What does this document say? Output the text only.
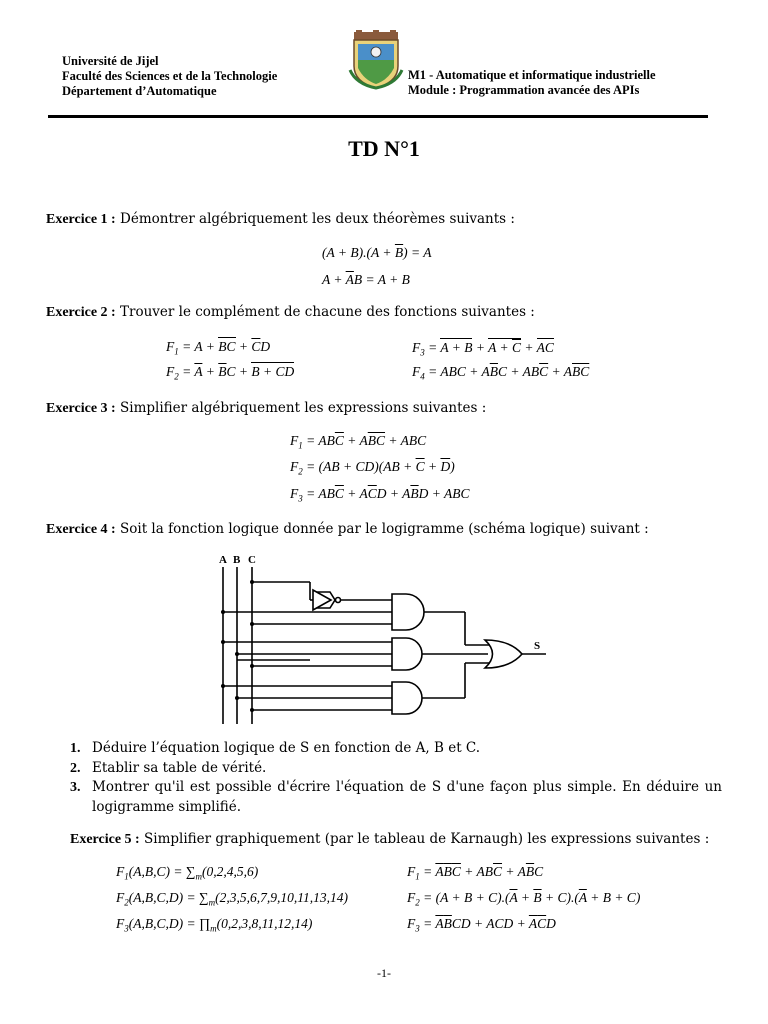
Université de Jijel
Faculté des Sciences et de la Technologie
Département d’Automatique
M1 - Automatique et informatique industrielle
Module : Programmation avancée des APIs
TD N°1
Exercice 1 : Démontrer algébriquement les deux théorèmes suivants :
$(A + B).(A + \overline{B}) = A$
$A + \overline{A}B = A + B$
Exercice 2 : Trouver le complément de chacune des fonctions suivantes :
$F_1 = A$ + BC + $\overline{C}D$
$F_2 = \overline{A} + \overline{B}C + B$ + CD
$F_3 = A + B + A + \overline{C}$ + AC
$F_4$ = ABC + $A\overline{B}C + AB\overline{C} + A\overline{BC}$
Exercice 3 : Simplifier algébriquement les expressions suivantes :
$F_1 = AB\overline{C} + A\overline{BC}$ + ABC
$F_2 = (AB + CD)(AB + \overline{C} + \overline{D})$
$F_3 = AB\overline{C} + A\overline{C}D + A\overline{B}D$ + ABC
Exercice 4 : Soit la fonction logique donnée par le logigramme (schéma logique) suivant :
A B C
S
1. Déduire l’équation logique de S en fonction de A, B et C.
2. Etablir sa table de vérité.
3. Montrer qu'il est possible d'écrire l'équation de S d'une façon plus simple. En déduire un logigramme simplifié.
Exercice 5 : Simplifier graphiquement (par le tableau de Karnaugh) les expressions suivantes :
$F_1(A,B,C) = \sum_m(0,2,4,5,6)$
$F_2(A,B,C,D) = \sum_m(2,3,5,6,7,9,10,11,13,14)$
$F_3(A,B,C,D)$ = $\prod_m(0,2,3,8,11,12,14)$
$F_1 = \overline{A}\overline{B}\overline{C} + AB\overline{C} + A\overline{B}C$
$F_2 = (A + B + C).(\overline{A} + \overline{B} + C).(\overline{A} + B + C)$
$F_3 = \overline{A}\overline{B}CD$ + ACD + $\overline{A}\overline{C}D$
-1-
